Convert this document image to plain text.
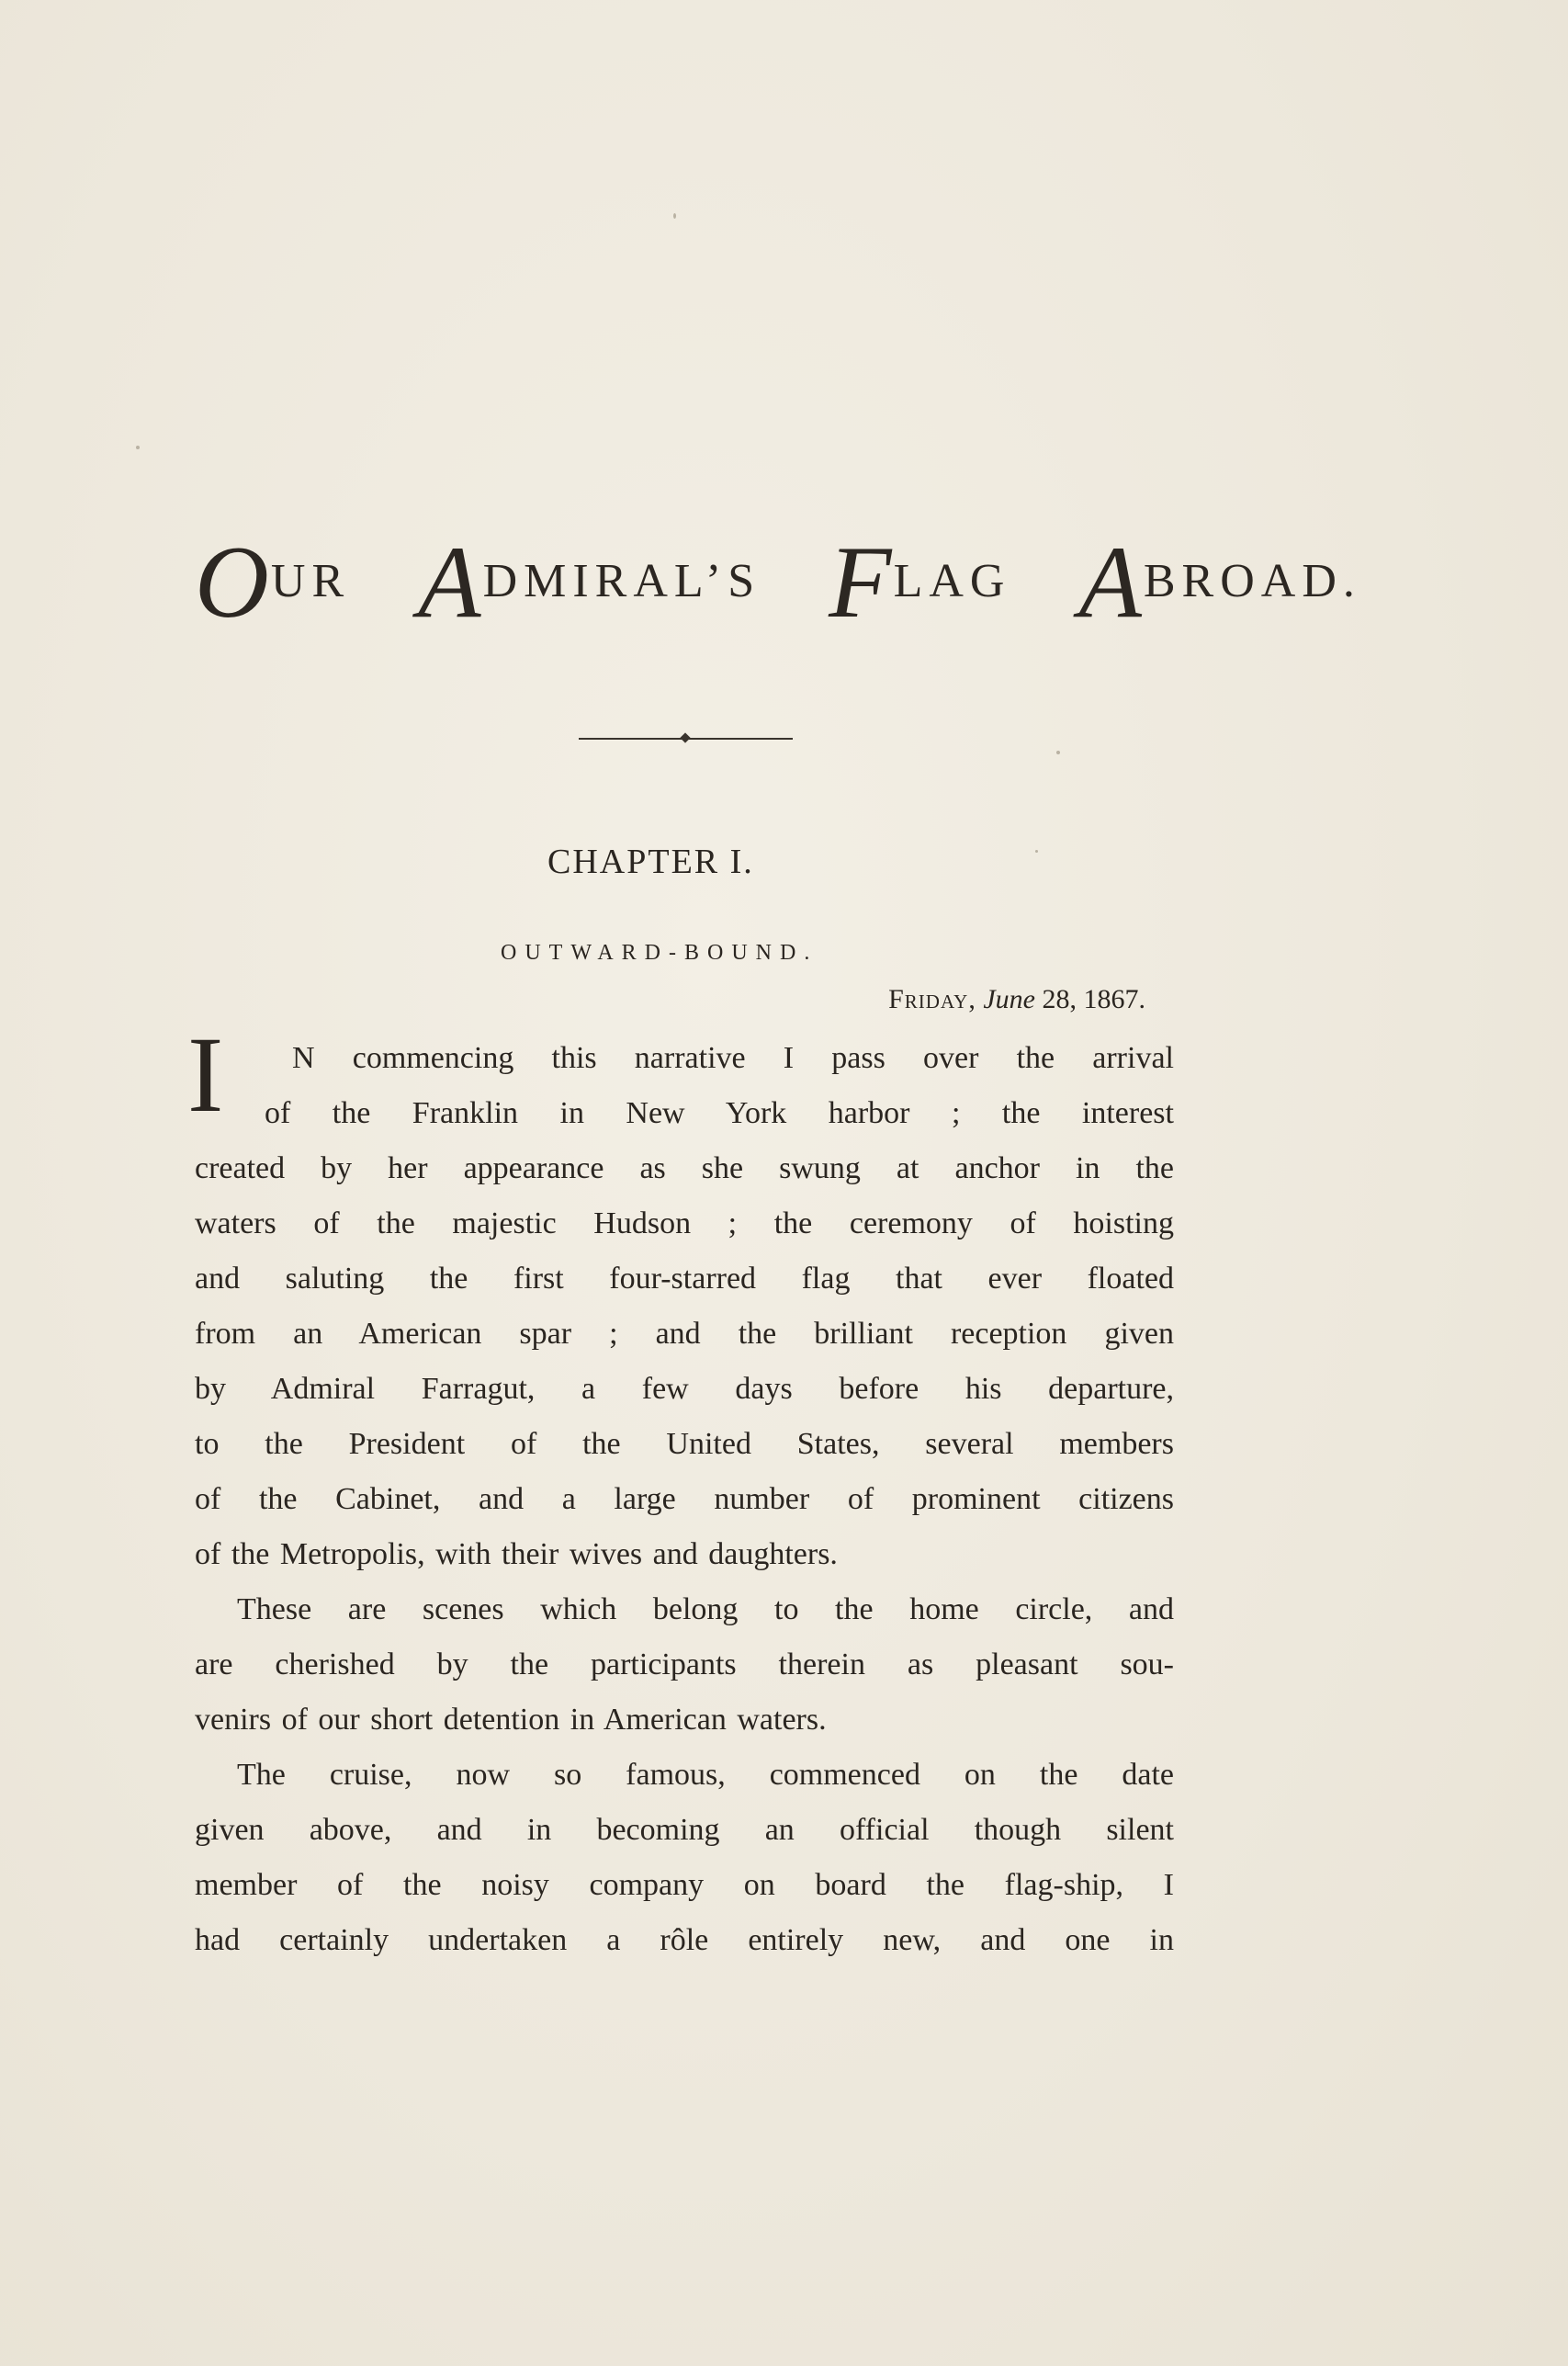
OUR ADMIRAL’S FLAG ABROAD.
CHAPTER I.
OUTWARD-BOUND.
Friday, June 28, 1867.
I N commencing this narrative I pass over the arrival
of the Franklin in New York harbor ; the interest
created by her appearance as she swung at anchor in the
waters of the majestic Hudson ; the ceremony of hoisting
and saluting the first four-starred flag that ever floated
from an American spar ; and the brilliant reception given
by Admiral Farragut, a few days before his departure,
to the President of the United States, several members
of the Cabinet, and a large number of prominent citizens
of the Metropolis, with their wives and daughters.
These are scenes which belong to the home circle, and
are cherished by the participants therein as pleasant sou-
venirs of our short detention in American waters.
The cruise, now so famous, commenced on the date
given above, and in becoming an official though silent
member of the noisy company on board the flag-ship, I
had certainly undertaken a rôle entirely new, and one in
